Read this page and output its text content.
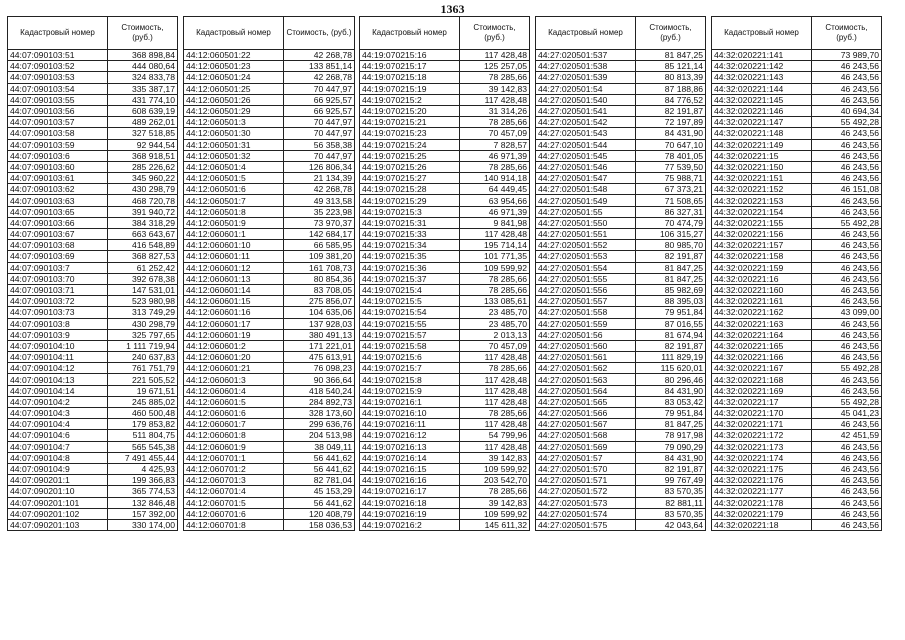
1363
Кадастровый номер	Стоимость, (руб.)
44:07:090103:51	368 898,84
44:07:090103:52	444 080,64
44:07:090103:53	324 833,78
44:07:090103:54	335 387,17
44:07:090103:55	431 774,10
44:07:090103:56	608 639,19
44:07:090103:57	489 262,01
44:07:090103:58	327 518,85
44:07:090103:59	92 944,54
44:07:090103:6	368 918,51
44:07:090103:60	285 226,62
44:07:090103:61	345 960,22
44:07:090103:62	430 298,79
44:07:090103:63	468 720,78
44:07:090103:65	391 940,72
44:07:090103:66	384 318,29
44:07:090103:67	663 643,67
44:07:090103:68	416 548,89
44:07:090103:69	368 827,53
44:07:090103:7	61 252,42
44:07:090103:70	392 678,38
44:07:090103:71	147 531,01
44:07:090103:72	523 980,98
44:07:090103:73	313 749,29
44:07:090103:8	430 298,79
44:07:090103:9	325 797,65
44:07:090104:10	1 111 719,94
44:07:090104:11	240 637,83
44:07:090104:12	761 751,79
44:07:090104:13	221 505,52
44:07:090104:14	19 671,51
44:07:090104:2	245 885,02
44:07:090104:3	460 500,48
44:07:090104:4	179 853,82
44:07:090104:6	511 804,75
44:07:090104:7	565 545,38
44:07:090104:8	7 491 455,44
44:07:090104:9	4 425,93
44:07:090201:1	199 366,83
44:07:090201:10	365 774,53
44:07:090201:101	132 846,48
44:07:090201:102	157 392,00
44:07:090201:103	330 174,00
Кадастровый номер	Стоимость, (руб.)
44:12:060501:22	42 268,78
44:12:060501:23	133 851,14
44:12:060501:24	42 268,78
44:12:060501:25	70 447,97
44:12:060501:26	66 925,57
44:12:060501:29	66 925,57
44:12:060501:3	70 447,97
44:12:060501:30	70 447,97
44:12:060501:31	56 358,38
44:12:060501:32	70 447,97
44:12:060501:4	126 806,34
44:12:060501:5	21 134,39
44:12:060501:6	42 268,78
44:12:060501:7	49 313,58
44:12:060501:8	35 223,98
44:12:060501:9	73 970,37
44:12:060601:1	142 684,17
44:12:060601:10	66 585,95
44:12:060601:11	109 381,20
44:12:060601:12	161 708,73
44:12:060601:13	80 854,36
44:12:060601:14	83 708,05
44:12:060601:15	275 856,07
44:12:060601:16	104 635,06
44:12:060601:17	137 928,03
44:12:060601:19	380 491,13
44:12:060601:2	171 221,01
44:12:060601:20	475 613,91
44:12:060601:21	76 098,23
44:12:060601:3	90 366,64
44:12:060601:4	418 540,24
44:12:060601:5	284 892,73
44:12:060601:6	328 173,60
44:12:060601:7	299 636,76
44:12:060601:8	204 513,98
44:12:060601:9	38 049,11
44:12:060701:1	56 441,62
44:12:060701:2	56 441,62
44:12:060701:3	82 781,04
44:12:060701:4	45 153,29
44:12:060701:5	56 441,62
44:12:060701:6	120 408,79
44:12:060701:8	158 036,53
Кадастровый номер	Стоимость, (руб.)
44:19:070215:16	117 428,48
44:19:070215:17	125 257,05
44:19:070215:18	78 285,66
44:19:070215:19	39 142,83
44:19:070215:2	117 428,48
44:19:070215:20	31 314,26
44:19:070215:21	78 285,66
44:19:070215:23	70 457,09
44:19:070215:24	7 828,57
44:19:070215:25	46 971,39
44:19:070215:26	78 285,66
44:19:070215:27	140 914,18
44:19:070215:28	64 449,45
44:19:070215:29	63 954,66
44:19:070215:3	46 971,39
44:19:070215:31	9 841,98
44:19:070215:33	117 428,48
44:19:070215:34	195 714,14
44:19:070215:35	101 771,35
44:19:070215:36	109 599,92
44:19:070215:37	78 285,66
44:19:070215:4	78 285,66
44:19:070215:5	133 085,61
44:19:070215:54	23 485,70
44:19:070215:55	23 485,70
44:19:070215:57	2 013,13
44:19:070215:58	70 457,09
44:19:070215:6	117 428,48
44:19:070215:7	78 285,66
44:19:070215:8	117 428,48
44:19:070215:9	117 428,48
44:19:070216:1	117 428,48
44:19:070216:10	78 285,66
44:19:070216:11	117 428,48
44:19:070216:12	54 799,96
44:19:070216:13	117 428,48
44:19:070216:14	39 142,83
44:19:070216:15	109 599,92
44:19:070216:16	203 542,70
44:19:070216:17	78 285,66
44:19:070216:18	39 142,83
44:19:070216:19	109 599,92
44:19:070216:2	145 611,32
Кадастровый номер	Стоимость, (руб.)
44:27:020501:537	81 847,25
44:27:020501:538	85 121,14
44:27:020501:539	80 813,39
44:27:020501:54	87 188,86
44:27:020501:540	84 776,52
44:27:020501:541	82 191,87
44:27:020501:542	72 197,89
44:27:020501:543	84 431,90
44:27:020501:544	70 647,10
44:27:020501:545	78 401,05
44:27:020501:546	77 539,50
44:27:020501:547	75 988,71
44:27:020501:548	67 373,21
44:27:020501:549	71 508,65
44:27:020501:55	86 327,31
44:27:020501:550	70 474,79
44:27:020501:551	106 315,27
44:27:020501:552	80 985,70
44:27:020501:553	82 191,87
44:27:020501:554	81 847,25
44:27:020501:555	81 847,25
44:27:020501:556	85 982,69
44:27:020501:557	88 395,03
44:27:020501:558	79 951,84
44:27:020501:559	87 016,55
44:27:020501:56	81 674,94
44:27:020501:560	82 191,87
44:27:020501:561	111 829,19
44:27:020501:562	115 620,01
44:27:020501:563	80 296,46
44:27:020501:564	84 431,90
44:27:020501:565	83 053,42
44:27:020501:566	79 951,84
44:27:020501:567	81 847,25
44:27:020501:568	78 917,98
44:27:020501:569	79 090,29
44:27:020501:57	84 431,90
44:27:020501:570	82 191,87
44:27:020501:571	99 767,49
44:27:020501:572	83 570,35
44:27:020501:573	82 881,11
44:27:020501:574	83 570,35
44:27:020501:575	42 043,64
Кадастровый номер	Стоимость, (руб.)
44:32:020221:141	73 989,70
44:32:020221:142	46 243,56
44:32:020221:143	46 243,56
44:32:020221:144	46 243,56
44:32:020221:145	46 243,56
44:32:020221:146	40 694,34
44:32:020221:147	55 492,28
44:32:020221:148	46 243,56
44:32:020221:149	46 243,56
44:32:020221:15	46 243,56
44:32:020221:150	46 243,56
44:32:020221:151	46 243,56
44:32:020221:152	46 151,08
44:32:020221:153	46 243,56
44:32:020221:154	46 243,56
44:32:020221:155	55 492,28
44:32:020221:156	46 243,56
44:32:020221:157	46 243,56
44:32:020221:158	46 243,56
44:32:020221:159	46 243,56
44:32:020221:16	46 243,56
44:32:020221:160	46 243,56
44:32:020221:161	46 243,56
44:32:020221:162	43 099,00
44:32:020221:163	46 243,56
44:32:020221:164	46 243,56
44:32:020221:165	46 243,56
44:32:020221:166	46 243,56
44:32:020221:167	55 492,28
44:32:020221:168	46 243,56
44:32:020221:169	46 243,56
44:32:020221:17	55 492,28
44:32:020221:170	45 041,23
44:32:020221:171	46 243,56
44:32:020221:172	42 451,59
44:32:020221:173	46 243,56
44:32:020221:174	46 243,56
44:32:020221:175	46 243,56
44:32:020221:176	46 243,56
44:32:020221:177	46 243,56
44:32:020221:178	46 243,56
44:32:020221:179	46 243,56
44:32:020221:18	46 243,56
